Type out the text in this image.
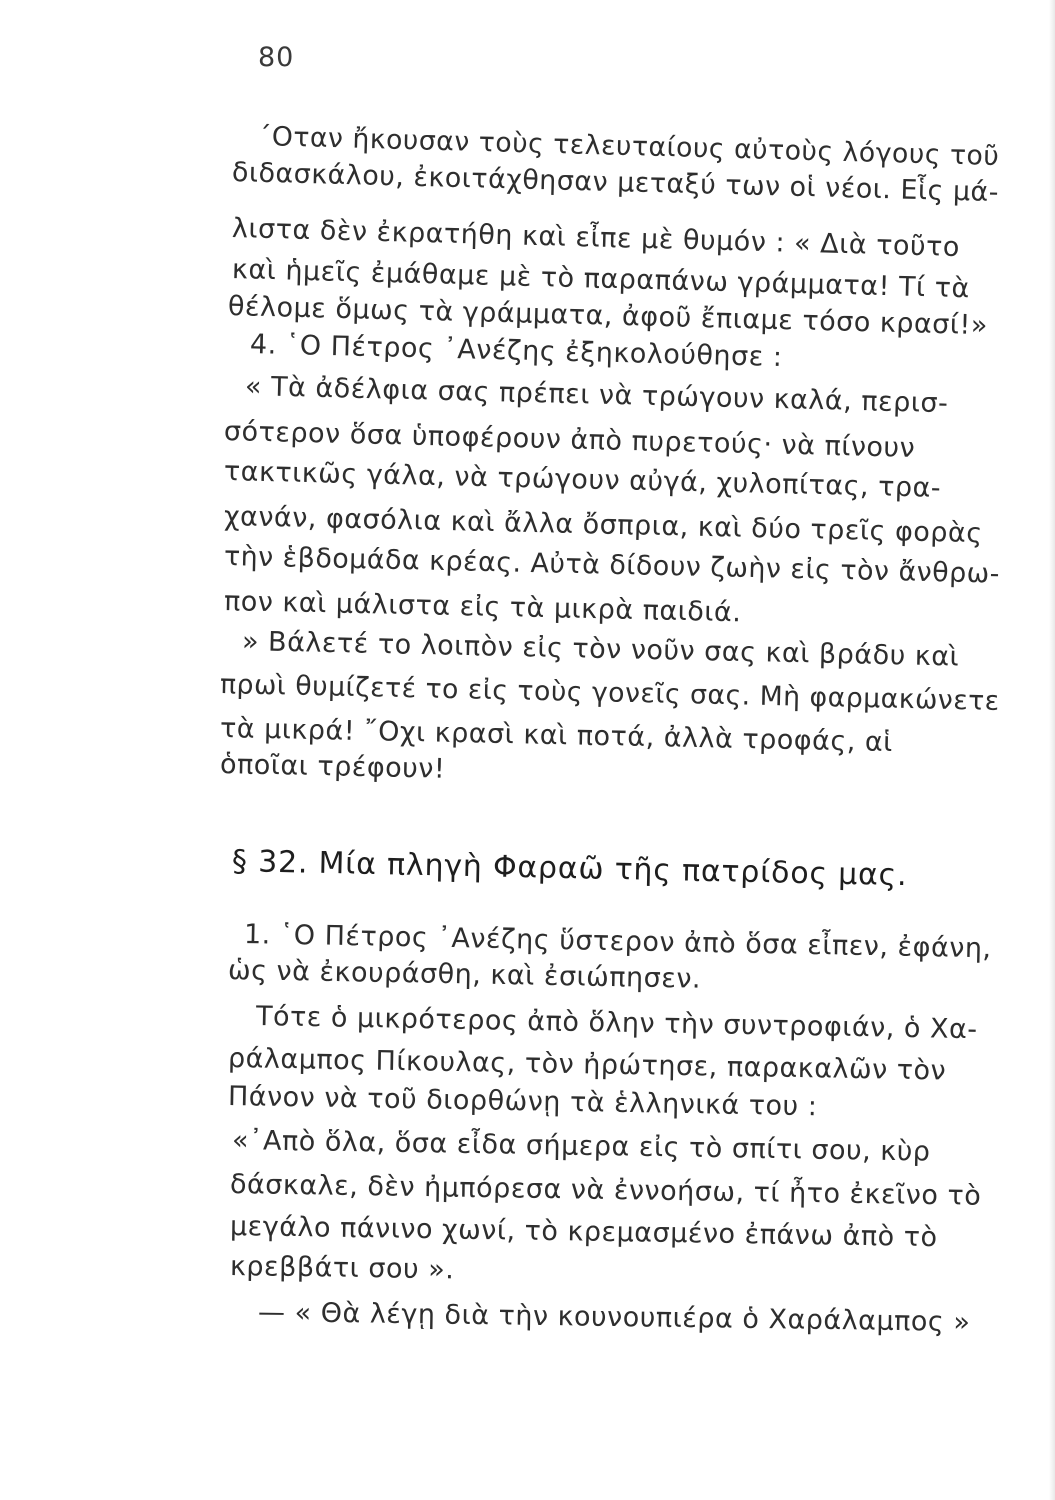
80
΄Οταν ἤκουσαν τοὺς τελευταίους αὐτοὺς λόγους τοῦ
διδασκάλου, ἐκοιτάχθησαν μεταξύ των οἱ νέοι. Εἷς μά-
λιστα δὲν ἐκρατήθη καὶ εἶπε μὲ θυμόν : « Διὰ τοῦτο
καὶ ἡμεῖς ἐμάθαμε μὲ τὸ παραπάνω γράμματα! Τί τὰ
θέλομε ὅμως τὰ γράμματα, ἀφοῦ ἔπιαμε τόσο κρασί!»
4. ῾Ο Πέτρος ᾿Ανέζης ἐξηκολούθησε :
« Τὰ ἀδέλφια σας πρέπει νὰ τρώγουν καλά, περισ-
σότερον ὅσα ὑποφέρουν ἀπὸ πυρετούς· νὰ πίνουν
τακτικῶς γάλα, νὰ τρώγουν αὐγά, χυλοπίτας, τρα-
χανάν, φασόλια καὶ ἄλλα ὄσπρια, καὶ δύο τρεῖς φορὰς
τὴν ἑβδομάδα κρέας. Αὐτὰ δίδουν ζωὴν εἰς τὸν ἄνθρω-
πον καὶ μάλιστα εἰς τὰ μικρὰ παιδιά.
» Βάλετέ το λοιπὸν εἰς τὸν νοῦν σας καὶ βράδυ καὶ
πρωὶ θυμίζετέ το εἰς τοὺς γονεῖς σας. Μὴ φαρμακώνετε
τὰ μικρά! ῎Οχι κρασὶ καὶ ποτά, ἀλλὰ τροφάς, αἱ
ὁποῖαι τρέφουν!
§ 32. Μία πληγὴ Φαραῶ τῆς πατρίδος μας.
1. ῾Ο Πέτρος ᾿Ανέζης ὕστερον ἀπὸ ὅσα εἶπεν, ἐφάνη,
ὡς νὰ ἐκουράσθη, καὶ ἐσιώπησεν.
Τότε ὁ μικρότερος ἀπὸ ὅλην τὴν συντροφιάν, ὁ Χα-
ράλαμπος Πίκουλας, τὸν ἠρώτησε, παρακαλῶν τὸν
Πάνον νὰ τοῦ διορθώνῃ τὰ ἑλληνικά του :
«᾿Απὸ ὅλα, ὅσα εἶδα σήμερα εἰς τὸ σπίτι σου, κὺρ
δάσκαλε, δὲν ἠμπόρεσα νὰ ἐννοήσω, τί ἦτο ἐκεῖνο τὸ
μεγάλο πάνινο χωνί, τὸ κρεμασμένο ἐπάνω ἀπὸ τὸ
κρεββάτι σου ».
— « Θὰ λέγῃ διὰ τὴν κουνουπιέρα ὁ Χαράλαμπος »
